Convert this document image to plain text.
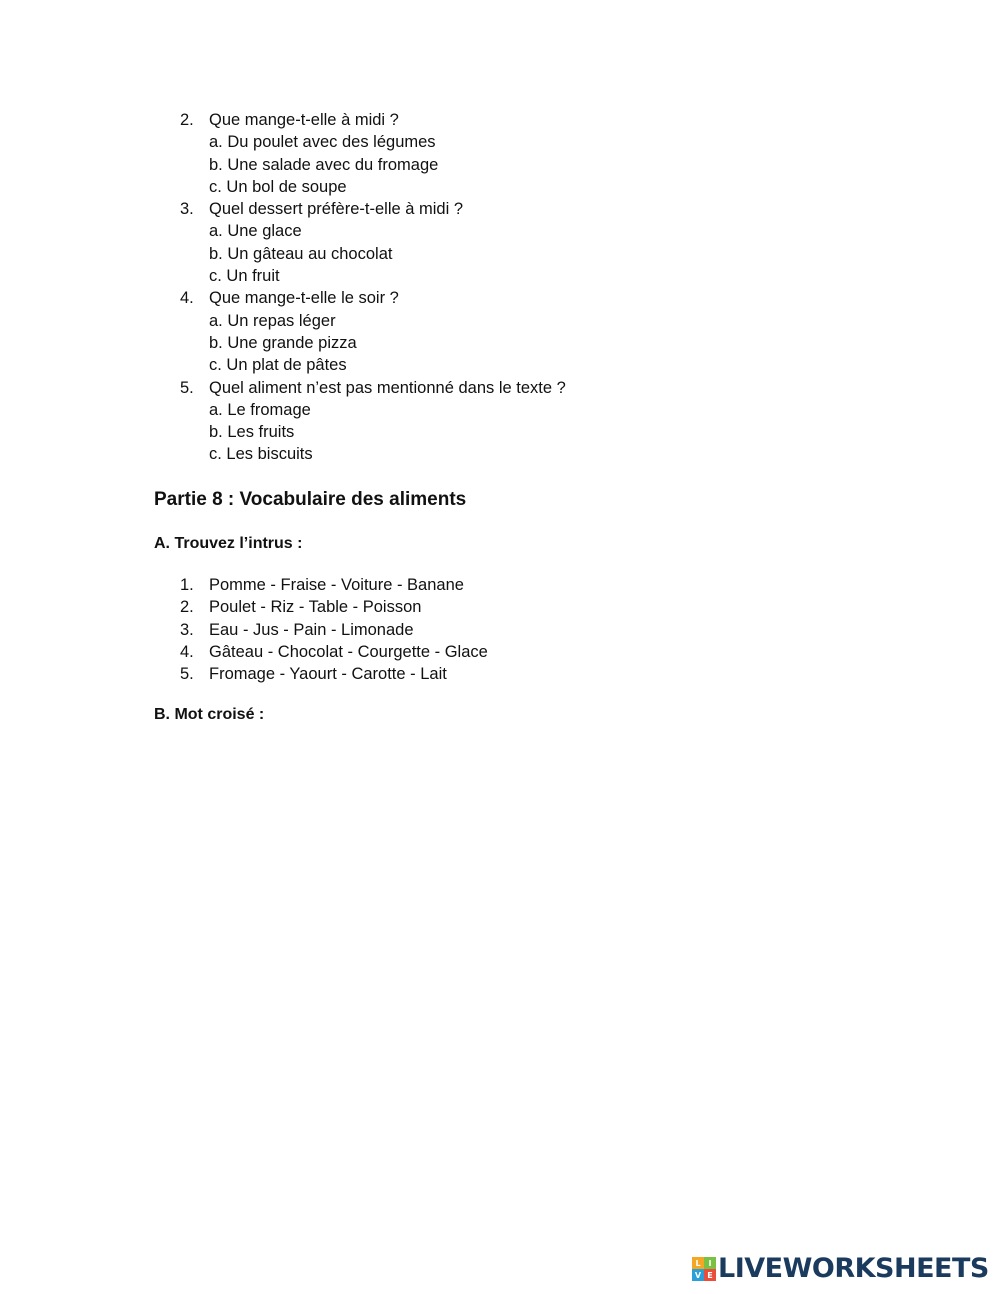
2. Que mange-t-elle à midi ?
a. Du poulet avec des légumes
b. Une salade avec du fromage
c. Un bol de soupe
3. Quel dessert préfère-t-elle à midi ?
a. Une glace
b. Un gâteau au chocolat
c. Un fruit
4. Que mange-t-elle le soir ?
a. Un repas léger
b. Une grande pizza
c. Un plat de pâtes
5. Quel aliment n’est pas mentionné dans le texte ?
a. Le fromage
b. Les fruits
c. Les biscuits
Partie 8 : Vocabulaire des aliments
A. Trouvez l’intrus :
1. Pomme - Fraise - Voiture - Banane
2. Poulet - Riz - Table - Poisson
3. Eau - Jus - Pain - Limonade
4. Gâteau - Chocolat - Courgette - Glace
5. Fromage - Yaourt - Carotte - Lait
B. Mot croisé :
L I
V E LIVEWORKSHEETS
